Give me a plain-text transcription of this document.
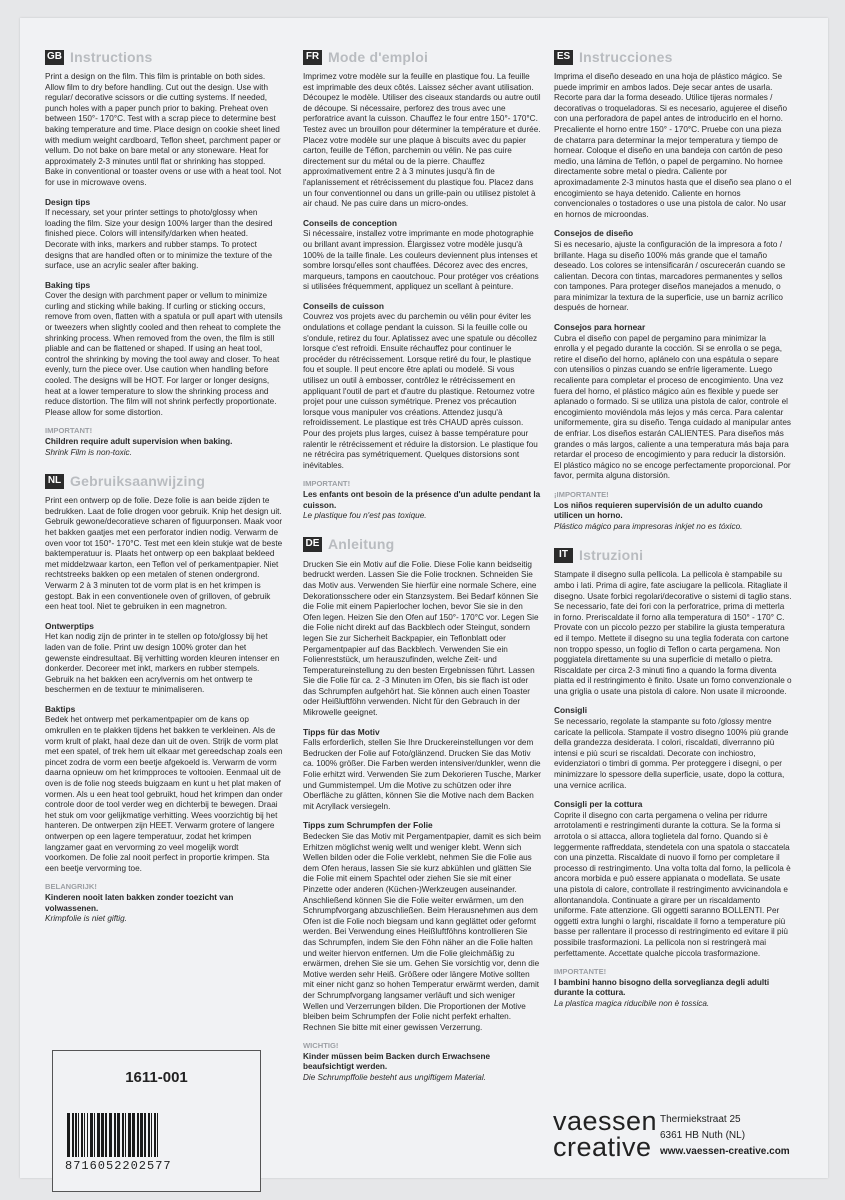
GB Instructions

Print a design on the film. This film is printable on both sides. Allow film to dry before handling. Cut out the design. Use with regular/ decorative scissors or die cutting systems. If needed, punch holes with a paper punch prior to baking. Preheat oven between 150°- 170°C. Test with a scrap piece to determine best baking temperature and time. Place design on cookie sheet lined with medium weight cardboard, Teflon sheet, parchment paper or vellum. Do not bake on bare metal or any stoneware. Heat for approximately 2-3 minutes until flat or shrinking has stopped. Bake in conventional or toaster ovens or use with a heat tool. Not for use in microwave ovens.

Design tips

If necessary, set your printer settings to photo/glossy when loading the film. Size your design 100% larger than the desired finished piece. Colors will intensify/darken when heated. Decorate with inks, markers and rubber stamps. To protect designs that are handled often or to minimize the texture of the surface, use an acrylic sealer after baking.

Baking tips

Cover the design with parchment paper or vellum to minimize curling and sticking while baking. If curling or sticking occurs, remove from oven, flatten with a spatula or pull apart with utensils or tweezers when slightly cooled and then reheat to complete the shrinking process. When removed from the oven, the film is still pliable and can be flattened or shaped. If using an heat tool, control the shrinking by moving the tool away and closer. To heat evenly, turn the piece over. Use caution when handling before cooled. The designs will be HOT. For larger or longer designs, heat at a lower temperature to slow the shrinking process and reduce distortion. The film will not shrink perfectly proportionate. Please allow for some distortion.

IMPORTANT!

Children require adult supervision when baking.

Shrink Film is non-toxic.

NL Gebruiksaanwijzing

Print een ontwerp op de folie. Deze folie is aan beide zijden te bedrukken. Laat de folie drogen voor gebruik. Knip het design uit. Gebruik gewone/decoratieve scharen of figuurponsen. Maak voor het bakken gaatjes met een perforator indien nodig. Verwarm de oven voor tot 150°- 170°C. Test met een klein stukje wat de beste baktemperatuur is. Plaats het ontwerp op een bakplaat bekleed met middelzwaar karton, een Teflon vel of perkamentpapier. Niet rechtstreeks bakken op een metalen of stenen ondergrond. Verwarm 2 à 3 minuten tot de vorm plat is en het krimpen is gestopt. Bak in een conventionele oven of grilloven, of gebruik een heat tool. Niet te gebruiken in een magnetron.

Ontwerptips

Het kan nodig zijn de printer in te stellen op foto/glossy bij het laden van de folie. Print uw design 100% groter dan het gewenste eindresultaat. Bij verhitting worden kleuren intenser en donkerder. Decoreer met inkt, markers en rubber stempels. Gebruik na het bakken een acrylvernis om het ontwerp te beschermen en de textuur te minimaliseren.

Baktips

Bedek het ontwerp met perkamentpapier om de kans op omkrullen en te plakken tijdens het bakken te verkleinen. Als de vorm krult of plakt, haal deze dan uit de oven. Strijk de vorm plat met een spatel, of trek hem uit elkaar met gereedschap zoals een pincet zodra de vorm een beetje afgekoeld is. Verwarm de vorm daarna opnieuw om het krimpproces te voltooien. Eenmaal uit de oven is de folie nog steeds buigzaam en kunt u het plat maken of vormen. Als u een heat tool gebruikt, houd het krimpen dan onder controle door de tool verder weg en dichterbij te bewegen. Draai het stuk om voor gelijkmatige verhitting. Wees voorzichtig bij het hanteren. De ontwerpen zijn HEET. Verwarm grotere of langere ontwerpen op een lagere temperatuur, zodat het krimpen langzamer gaat en vervorming zo veel mogelijk wordt voorkomen. De folie zal nooit perfect in proportie krimpen. Sta een beetje vervorming toe.

BELANGRIJK!

Kinderen nooit laten bakken zonder toezicht van volwassenen.

Krimpfolie is niet giftig.

FR Mode d'emploi

Imprimez votre modèle sur la feuille en plastique fou. La feuille est imprimable des deux côtés. Laissez sécher avant utilisation. Découpez le modèle. Utiliser des ciseaux standards ou autre outil de découpe. Si nécessaire, perforez des trous avec une perforatrice avant la cuisson. Chauffez le four entre 150°- 170°C. Testez avec un brouillon pour déterminer la température et durée. Placez votre modèle sur une plaque à biscuits avec du papier carton, feuille de Téflon, parchemin ou vélin. Ne pas cuire directement sur du métal ou de la pierre. Chauffez approximativement entre 2 à 3 minutes jusqu'à fin de l'aplanissement et rétrécissement du plastique fou. Placez dans un four conventionnel ou dans un grille-pain ou utilisez pistolet à air chaud. Ne pas cuire dans un micro-ondes.

Conseils de conception

Si nécessaire, installez votre imprimante en mode photographie ou brillant avant impression. Élargissez votre modèle jusqu'à 100% de la taille finale. Les couleurs deviennent plus intenses et sombre lorsqu'elles sont chauffées. Décorez avec des encres, marqueurs, tampons en caoutchouc. Pour protéger vos créations si utilisées fréquemment, appliquez un scellant à peinture.

Conseils de cuisson

Couvrez vos projets avec du parchemin ou vélin pour éviter les ondulations et collage pendant la cuisson. Si la feuille colle ou s'ondule, retirez du four. Aplatissez avec une spatule ou décollez lorsque c'est refroidi. Ensuite réchauffez pour continuer le procéder du rétrécissement. Lorsque retiré du four, le plastique fou et souple. Il peut encore être aplati ou modelé. Si vous utilisez un outil à embosser, contrôlez le rétrécissement en appliquant l'outil de part et d'autre du plastique. Retournez votre projet pour une cuisson symétrique. Prenez vos précaution lorsque vous manipuler vos créations. Attendez jusqu'à refroidissement. Le plastique est très CHAUD après cuisson. Pour des projets plus larges, cuisez à basse température pour ralentir le rétrécissement et réduire la distorsion. Le plastique fou ne rétrécira pas symétriquement. Quelques distorsions sont inévitables.

IMPORTANT!

Les enfants ont besoin de la présence d'un adulte pendant la cuisson.

Le plastique fou n'est pas toxique.

DE Anleitung

Drucken Sie ein Motiv auf die Folie. Diese Folie kann beidseitig bedruckt werden. Lassen Sie die Folie trocknen. Schneiden Sie das Motiv aus. Verwenden Sie hierfür eine normale Schere, eine Dekorationsschere oder ein Stanzsystem. Bei Bedarf können Sie die Folie mit einem Papierlocher lochen, bevor Sie sie in den Ofen legen. Heizen Sie den Ofen auf 150°- 170°C vor. Legen Sie die Folie nicht direkt auf das Backblech oder Steingut, sondern legen Sie zur Sicherheit Backpapier, ein Teflonblatt oder Pergamentpapier auf das Backblech. Verwenden Sie ein Folienreststück, um herauszufinden, welche Zeit- und Temperatureinstellung zu den besten Ergebnissen führt. Lassen Sie die Folie für ca. 2 -3 Minuten im Ofen, bis sie flach ist oder das Schrumpfen aufgehört hat. Sie können auch einen Toaster oder Heißluftföhn verwenden. Nicht für den Gebrauch in der Mikrowelle geeignet.

Tipps für das Motiv

Falls erforderlich, stellen Sie Ihre Druckereinstellungen vor dem Bedrucken der Folie auf Foto/glänzend. Drucken Sie das Motiv ca. 100% größer. Die Farben werden intensiver/dunkler, wenn die Folie erhitzt wird. Verwenden Sie zum Dekorieren Tusche, Marker und Gummistempel. Um die Motive zu schützen oder ihre Oberfläche zu glätten, können Sie die Motive nach dem Backen mit Acryllack versiegeln.

Tipps zum Schrumpfen der Folie

Bedecken Sie das Motiv mit Pergamentpapier, damit es sich beim Erhitzen möglichst wenig wellt und weniger klebt. Wenn sich Wellen bilden oder die Folie verklebt, nehmen Sie die Folie aus dem Ofen heraus, lassen Sie sie kurz abkühlen und glätten Sie die Folie mit einem Spachtel oder ziehen Sie sie mit einer Pinzette oder anderen (Küchen-)Werkzeugen auseinander. Anschließend können Sie die Folie weiter erwärmen, um den Schrumpfvorgang abzuschließen. Beim Herausnehmen aus dem Ofen ist die Folie noch biegsam und kann geglättet oder geformt werden. Bei Verwendung eines Heißluftföhns kontrollieren Sie das Schrumpfen, indem Sie den Föhn näher an die Folie halten und weiter hiervon entfernen. Um die Folie gleichmäßig zu erwärmen, drehen Sie sie um. Gehen Sie vorsichtig vor, denn die Motive werden sehr Heiß. Größere oder längere Motive sollten mit einer nicht ganz so hohen Temperatur erwärmt werden, damit der Schrumpfvorgang langsamer verläuft und sich weniger Wellen und Verzerrungen bilden. Die Proportionen der Motive bleiben beim Schrumpfen der Folie nicht perfekt erhalten. Rechnen Sie bitte mit einer gewissen Verzerrung.

WICHTIG!

Kinder müssen beim Backen durch Erwachsene beaufsichtigt werden.

Die Schrumpffolie besteht aus ungiftigem Material.

ES Instrucciones

Imprima el diseño deseado en una hoja de plástico mágico. Se puede imprimir en ambos lados. Deje secar antes de usarla. Recorte para dar la forma deseado. Utilice tijeras normales / decorativas o troqueladoras. Si es necesario, agujeree el diseño con una perforadora de papel antes de introducirlo en el horno. Precaliente el horno entre 150° - 170°C. Pruebe con una pieza de chatarra para determinar la mejor temperatura y tiempo de hornear. Coloque el diseño en una bandeja con cartón de peso medio, una lámina de Teflón, o papel de pergamino. No hornee directamente sobre metal o piedra. Caliente por aproximadamente 2-3 minutos hasta que el diseño sea plano o el encogimiento se haya detenido. Caliente en hornos convencionales o tostadores o use una pistola de calor. No usar en hornos de microondas.

Consejos de diseño

Si es necesario, ajuste la configuración de la impresora a foto / brillante. Haga su diseño 100% más grande que el tamaño deseado. Los colores se intensificarán / oscurecerán cuando se calientan. Decora con tintas, marcadores permanentes y sellos con tampones. Para proteger diseños manejados a menudo, o para minimizar la textura de la superficie, use un barniz acrílico después de hornear.

Consejos para hornear

Cubra el diseño con papel de pergamino para minimizar la enrolla y el pegado durante la cocción. Si se enrolla o se pega, retire el diseño del horno, aplánelo con una espátula o separe con utensilios o pinzas cuando se enfríe ligeramente. Luego recaliente para completar el proceso de encogimiento. Una vez fuera del horno, el plástico mágico aún es flexible y puede ser aplanado o formado. Si se utiliza una pistola de calor, controle el encogimiento moviéndola más lejos y más cerca. Para calentar uniformemente, gira su diseño. Tenga cuidado al manipular antes de enfriar. Los diseños estarán CALIENTES. Para diseños más grandes o más largos, caliente a una temperatura más baja para retardar el proceso de encogimiento y para reducir la distorsión. El plástico mágico no se encoge perfectamente proporcional. Por favor, permita alguna distorsión.

¡IMPORTANTE!

Los niños requieren supervisión de un adulto cuando utilicen un horno.

Plástico mágico para impresoras inkjet no es tóxico.

IT Istruzioni

Stampate il disegno sulla pellicola. La pellicola è stampabile su ambo i lati. Prima di agire, fate asciugare la pellicola. Ritagliate il disegno. Usate forbici regolari/decorative o sistemi di taglio stans. Se necessario, fate dei fori con la perforatrice, prima di metterla in forno. Preriscaldate il forno alla temperatura di 150° - 170° C. Provate con un piccolo pezzo per stabilire la giusta temperatura ed il tempo. Mettete il disegno su una teglia foderata con cartone non troppo spesso, un foglio di Teflon o carta pergamena. Non poggiatela direttamente su una superficie di metallo o pietra. Riscaldate per circa 2-3 minuti fino a quando la forma diventa piatta ed il restringimento è finito. Usate un forno convenzionale o una griglia o usate una pistola di calore. Non usate il microonde.

Consigli

Se necessario, regolate la stampante su foto /glossy mentre caricate la pellicola. Stampate il vostro disegno 100% più grande della grandezza desiderata. I colori, riscaldati, diverranno più intensi e più scuri se riscaldati. Decorate con inchiostro, evidenziatori o timbri di gomma. Per proteggere i disegni, o per minimizzare lo spessore della superficie, usate, dopo la cottura, una vernice acrilica.

Consigli per la cottura

Coprite il disegno con carta pergamena o velina per ridurre arrotolamenti e restringimenti durante la cottura. Se la forma si arrotola o si attacca, allora toglietela dal forno. Quando si è leggermente raffreddata, stendetela con una spatola o staccatela con una pinzetta. Riscaldate di nuovo il forno per completare il processo di restringimento. Una volta tolta dal forno, la pellicola è ancora morbida e può essere appianata o modellata. Se usate una pistola di calore, controllate il restringimento avvicinandola e allontanandola. Continuate a girare per un riscaldamento uniforme. Fate attenzione. Gli oggetti saranno BOLLENTI. Per oggetti extra lunghi o larghi, riscaldate il forno a temperature più basse per rallentare il processo di restringimento ed evitare il più possibile trasformazioni. La pellicola non si restringerà mai perfettamente. Accettate qualche piccola trasformazione.

IMPORTANTE!

I bambini hanno bisogno della sorveglianza degli adulti durante la cottura.

La plastica magica riducibile non è tossica.

1611-001
8716052202577
vaessen
creative
Thermiekstraat 25
6361 HB Nuth (NL)
www.vaessen-creative.com
